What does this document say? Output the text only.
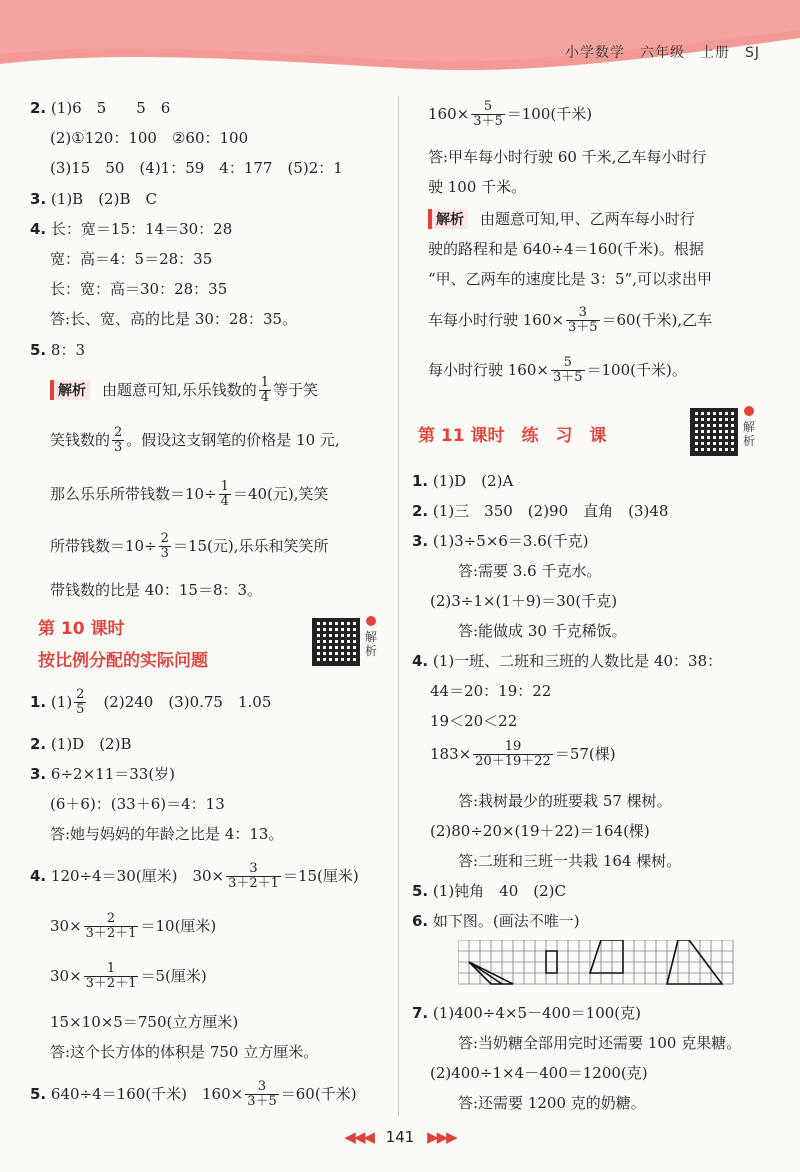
小学数学　六年级　上册　SJ
2. (1)6　5　　5　6
(2)①120：100　②60：100
(3)15　50　(4)1：59　4：177　(5)2：1
3. (1)B　(2)B　C
4. 长：宽＝15：14＝30：28
宽：高＝4：5＝28：35
长：宽：高＝30：28：35
答:长、宽、高的比是 30：28：35。
5. 8：3
解析 由题意可知,乐乐钱数的 $\frac{1}{4}$ 等于笑
笑钱数的 $\frac{2}{3}$ 。假设这支钢笔的价格是 10 元,
那么乐乐所带钱数$=10\div \frac{1}{4} =40$(元),笑笑
所带钱数$=10\div \frac{2}{3} =15$(元),乐乐和笑笑所
带钱数的比是 40：15＝8：3。
第 10 课时
按比例分配的实际问题
解析
1. $(1) \frac{2}{5}$ 　(2)240　(3)0.75　1.05
2. (1)D　(2)B
3. 6÷2×11＝33(岁)
(6＋6)：(33＋6)＝4：13
答:她与妈妈的年龄之比是 4：13。
4. 120÷4＝30(厘米)　$30\times \frac{3}{3+2+1} =15$(厘米)
$30\times \frac{2}{3+2+1} =10$(厘米)
$30\times \frac{1}{3+2+1} =5$(厘米)
15×10×5＝750(立方厘米)
答:这个长方体的体积是 750 立方厘米。
5. 640÷4＝160(千米)　$160\times \frac{3}{3+5} =60$(千米)
$160\times \frac{5}{3+5} =100$(千米)
答:甲车每小时行驶 60 千米,乙车每小时行
驶 100 千米。
解析 由题意可知,甲、乙两车每小时行
驶的路程和是 640÷4＝160(千米)。根据
“甲、乙两车的速度比是 3：5”,可以求出甲
车每小时行驶 $160\times \frac{3}{3+5} =60$(千米),乙车
每小时行驶 $160\times \frac{5}{3+5} =100$(千米)。
第 11 课时　练　习　课	解析
1. (1)D　(2)A
2. (1)三　350　(2)90　直角　(3)48
3. (1)3÷5×6＝3.6(千克)
答:需要 3.6 千克水。
(2)3÷1×(1＋9)＝30(千克)
答:能做成 30 千克稀饭。
4. (1)一班、二班和三班的人数比是 40：38：
44＝20：19：22
19＜20＜22
$183\times \frac{19}{20+19+22} =57$(棵)
答:栽树最少的班要栽 57 棵树。
(2)80÷20×(19＋22)＝164(棵)
答:二班和三班一共栽 164 棵树。
5. (1)钝角　40　(2)C
6. 如下图。(画法不唯一)
7. (1)400÷4×5－400＝100(克)
答:当奶糖全部用完时还需要 100 克果糖。
(2)400÷1×4－400＝1200(克)
答:还需要 1200 克的奶糖。
◀◀◀ 141 ▶▶▶
